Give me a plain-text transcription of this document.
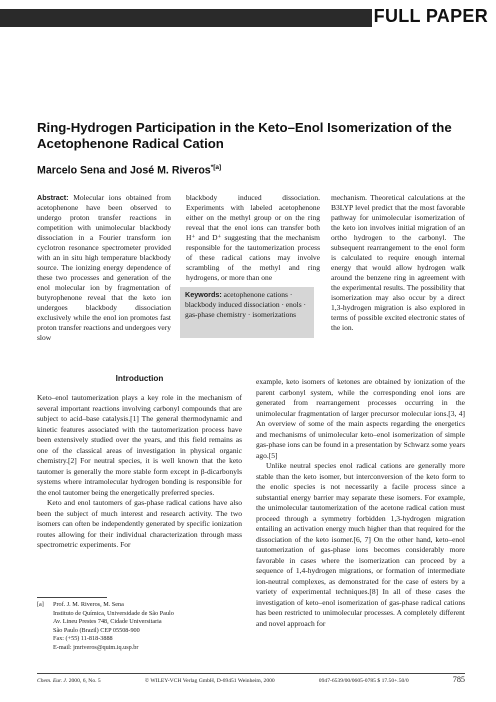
FULL PAPER
Ring-Hydrogen Participation in the Keto–Enol Isomerization of the Acetophenone Radical Cation
Marcelo Sena and José M. Riveros$^{*[a]}$
Abstract: Molecular ions obtained from acetophenone have been observed to undergo proton transfer reactions in competition with unimolecular blackbody dissociation in a Fourier transform ion cyclotron resonance spectrometer provided with an in situ high temperature blackbody source. The ionizing energy dependence of these two processes and generation of the enol molecular ion by fragmentation of butyrophenone reveal that the keto ion undergoes blackbody dissociation exclusively while the enol ion promotes fast proton transfer reactions and undergoes very slow
blackbody induced dissociation. Experiments with labeled acetophenone either on the methyl group or on the ring reveal that the enol ions can transfer both H⁺ and D⁺ suggesting that the mechanism responsible for the tautomerization process of these radical cations may involve scrambling of the methyl and ring hydrogens, or more than one
mechanism. Theoretical calculations at the B3LYP level predict that the most favorable pathway for unimolecular isomerization of the keto ion involves initial migration of an ortho hydrogen to the carbonyl. The subsequent rearrangement to the enol form is calculated to require enough internal energy that would allow hydrogen walk around the benzene ring in agreement with the experimental results. The possibility that isomerization may also occur by a direct 1,3-hydrogen migration is also explored in terms of possible excited electronic states of the ion.
Keywords: acetophenone cations · blackbody induced dissociation · enols · gas-phase chemistry · isomerizations
Introduction

Keto–enol tautomerization plays a key role in the mechanism of several important reactions involving carbonyl compounds that are subject to acid–base catalysis.[1] The general thermodynamic and kinetic features associated with the tautomerization process have been extensively studied over the years, and this field remains as one of the classical areas of investigation in physical organic chemistry.[2] For neutral species, it is well known that the keto tautomer is generally the more stable form except in β-dicarbonyls systems where intramolecular hydrogen bonding is responsible for the enol tautomer being the energetically preferred species.

Keto and enol tautomers of gas-phase radical cations have also been the subject of much interest and research activity. The two isomers can often be independently generated by specific ionization routes allowing for their individual characterization through mass spectrometric experiments. For

example, keto isomers of ketones are obtained by ionization of the parent carbonyl system, while the corresponding enol ions are generated from rearrangement processes occurring in the unimolecular fragmentation of larger precursor molecular ions.[3, 4] An overview of some of the main aspects regarding the energetics and mechanisms of unimolecular keto–enol isomerization of simple gas-phase ions can be found in a presentation by Schwarz some years ago.[5]

Unlike neutral species enol radical cations are generally more stable than the keto isomer, but interconversion of the keto form to the enolic species is not necessarily a facile process since a substantial energy barrier may separate these isomers. For example, the unimolecular tautomerization of the acetone radical cation must proceed through a symmetry forbidden 1,3-hydrogen migration entailing an activation energy much higher than that required for the dissociation of the keto isomer.[6, 7] On the other hand, keto–enol tautomerization of gas-phase ions becomes considerably more favorable in cases where the isomerization can proceed by a sequence of 1,4-hydrogen migrations, or formation of intermediate ion-neutral complexes, as demonstrated for the case of esters by a variety of experimental techniques.[8] In all of these cases the investigation of keto–enol isomerization of gas-phase radical cations has been restricted to unimolecular processes. A completely different and novel approach for

[a] Prof. J. M. Riveros, M. Sena
Instituto de Química, Universidade de São Paulo
Av. Lineu Prestes 748, Cidade Universitaria
São Paulo (Brazil) CEP 05508-900
Fax: (+55) 11-818-3888
E-mail: jmriveros@quim.iq.usp.br
Chem. Eur. J. 2000, 6, No. 5	© WILEY-VCH Verlag GmbH, D-69451 Weinheim, 2000	0947-6539/00/0605-0785 $ 17.50+.50/0	785
